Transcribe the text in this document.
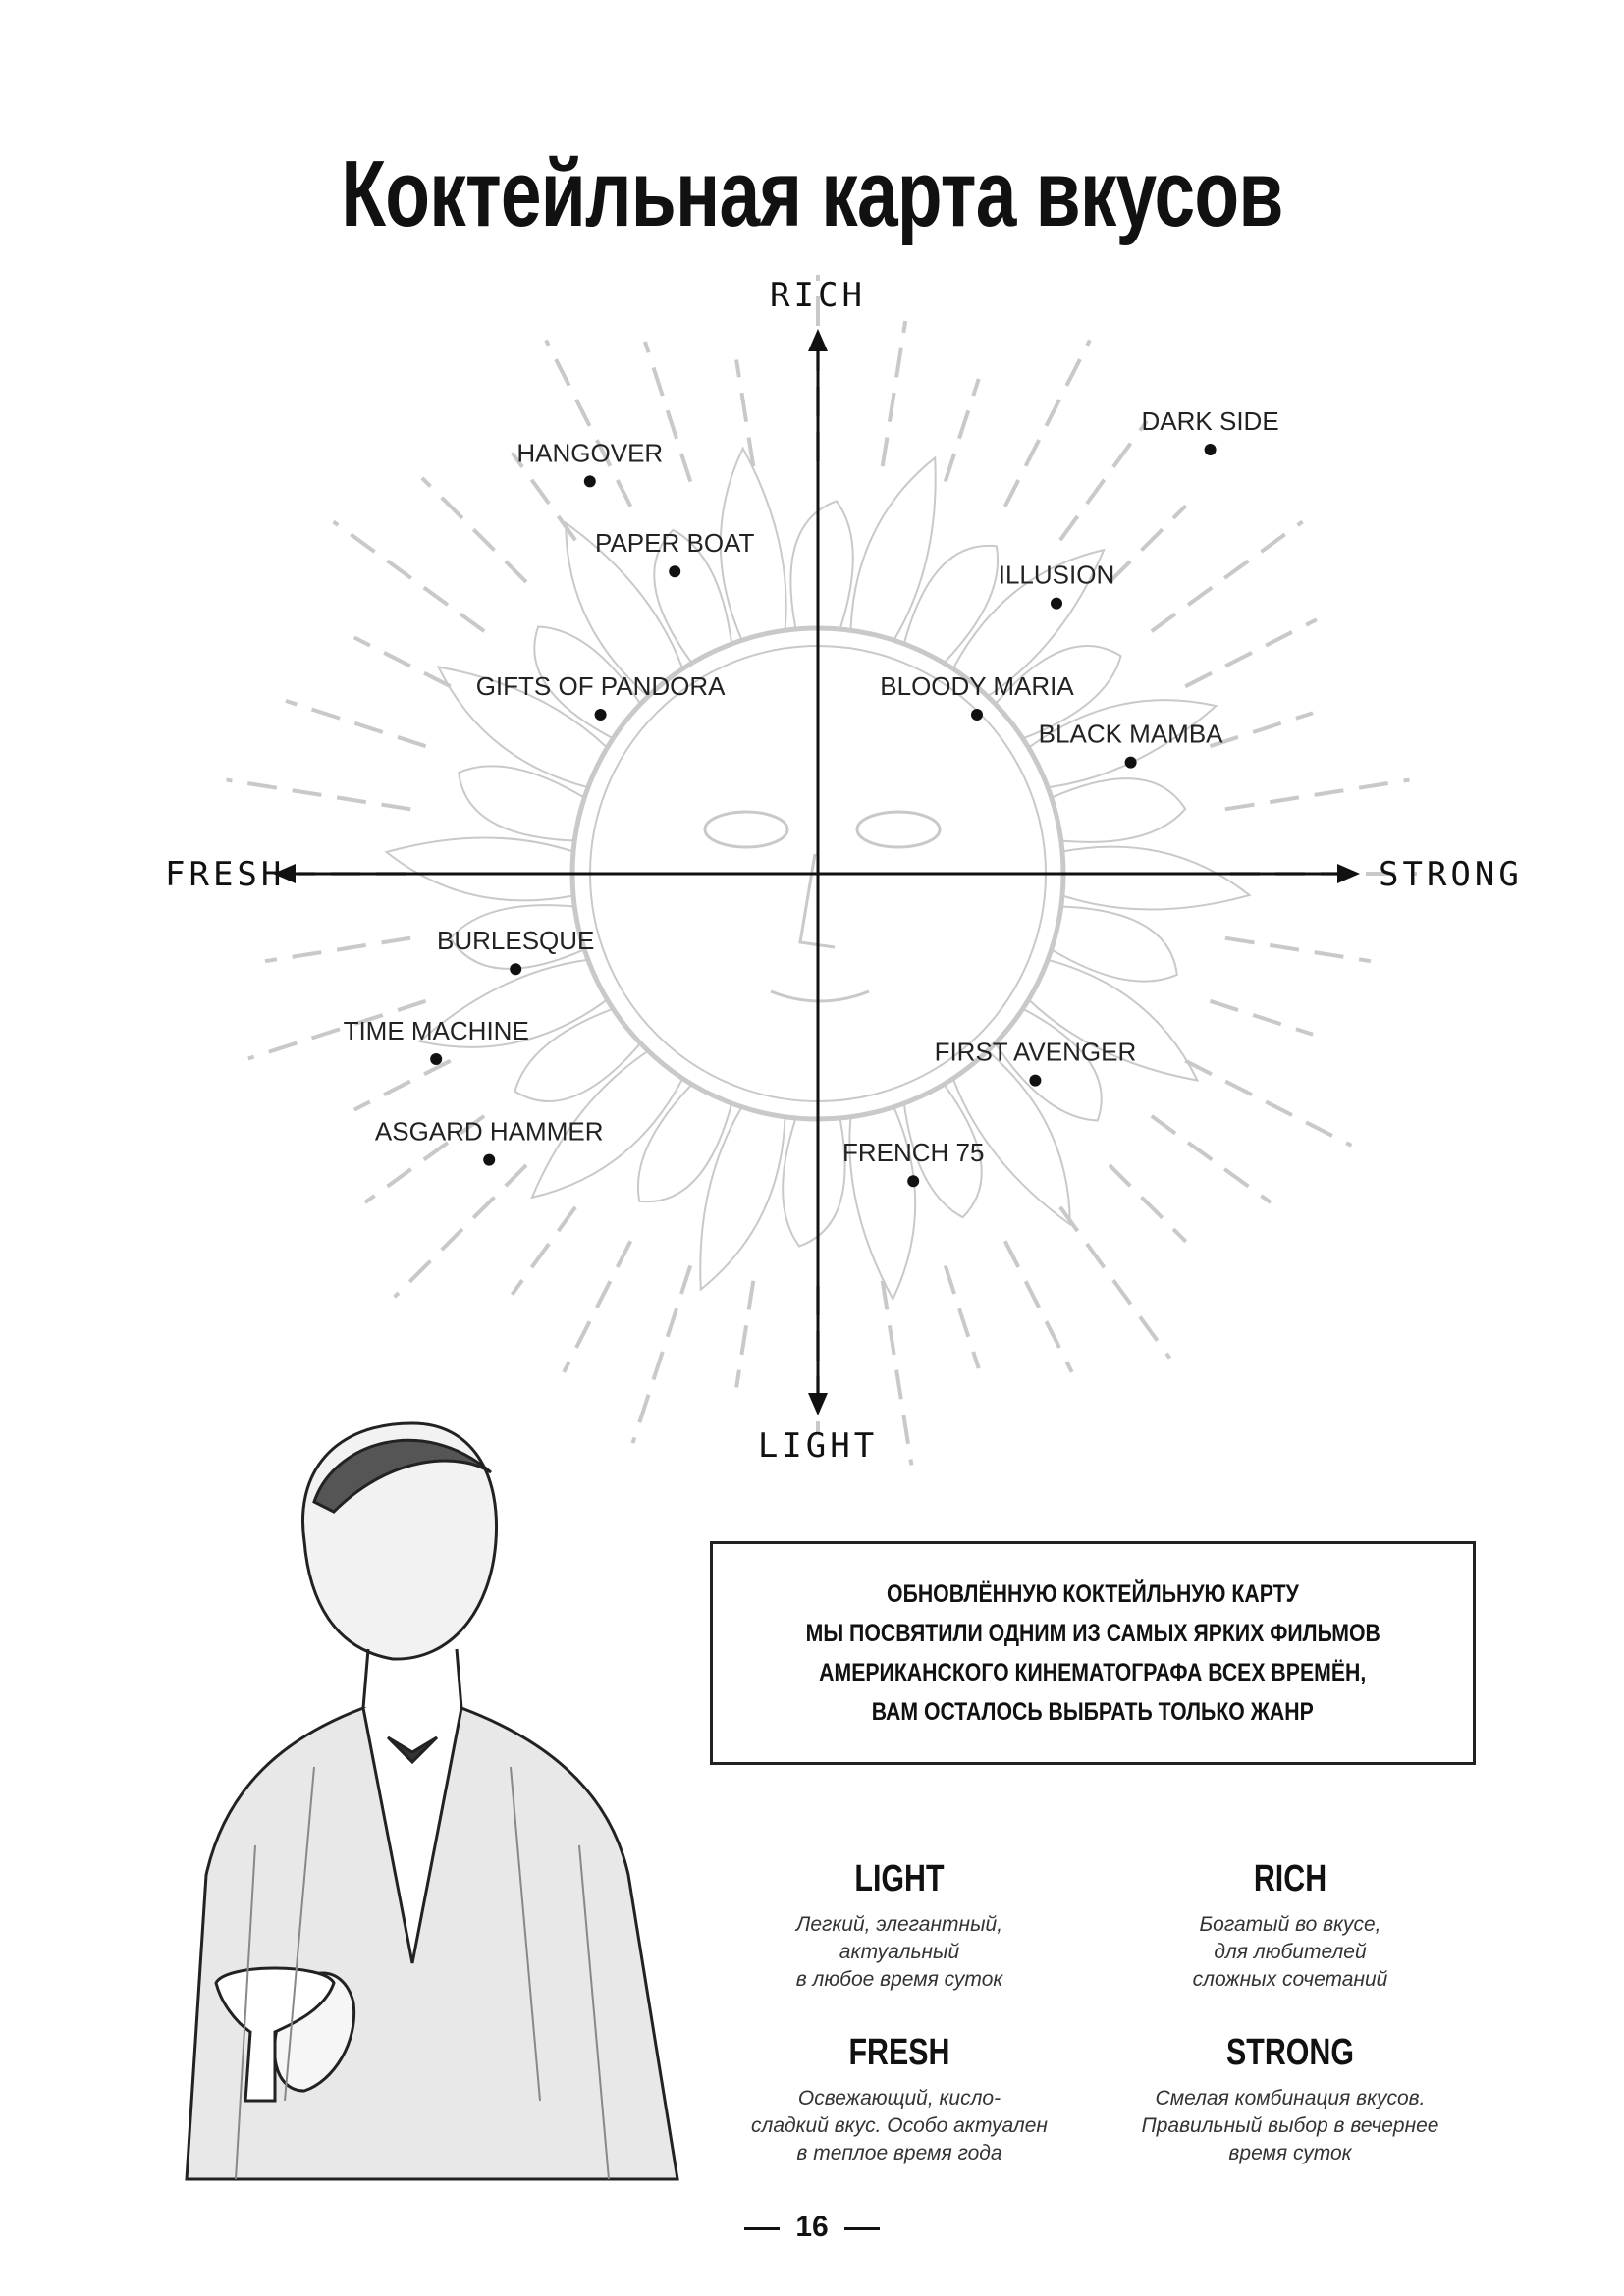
Коктейльная карта вкусов
RICH
LIGHT
FRESH	STRONG
DARK SIDE
HANGOVER
PAPER BOAT
ILLUSION
GIFTS OF PANDORA	BLOODY MARIA
BLACK MAMBA
BURLESQUE
TIME MACHINE
FIRST AVENGER
ASGARD HAMMER
FRENCH 75
ОБНОВЛЁННУЮ КОКТЕЙЛЬНУЮ КАРТУ
МЫ ПОСВЯТИЛИ ОДНИМ ИЗ САМЫХ ЯРКИХ ФИЛЬМОВ
АМЕРИКАНСКОГО КИНЕМАТОГРАФА ВСЕХ ВРЕМЁН,
ВАМ ОСТАЛОСЬ ВЫБРАТЬ ТОЛЬКО ЖАНР
LIGHT

Легкий, элегантный,
актуальный
в любое время суток

RICH

Богатый во вкусе,
для любителей
сложных сочетаний

FRESH

Освежающий, кисло-
сладкий вкус. Особо актуален
в теплое время года

STRONG

Смелая комбинация вкусов.
Правильный выбор в вечернее
время суток

16
